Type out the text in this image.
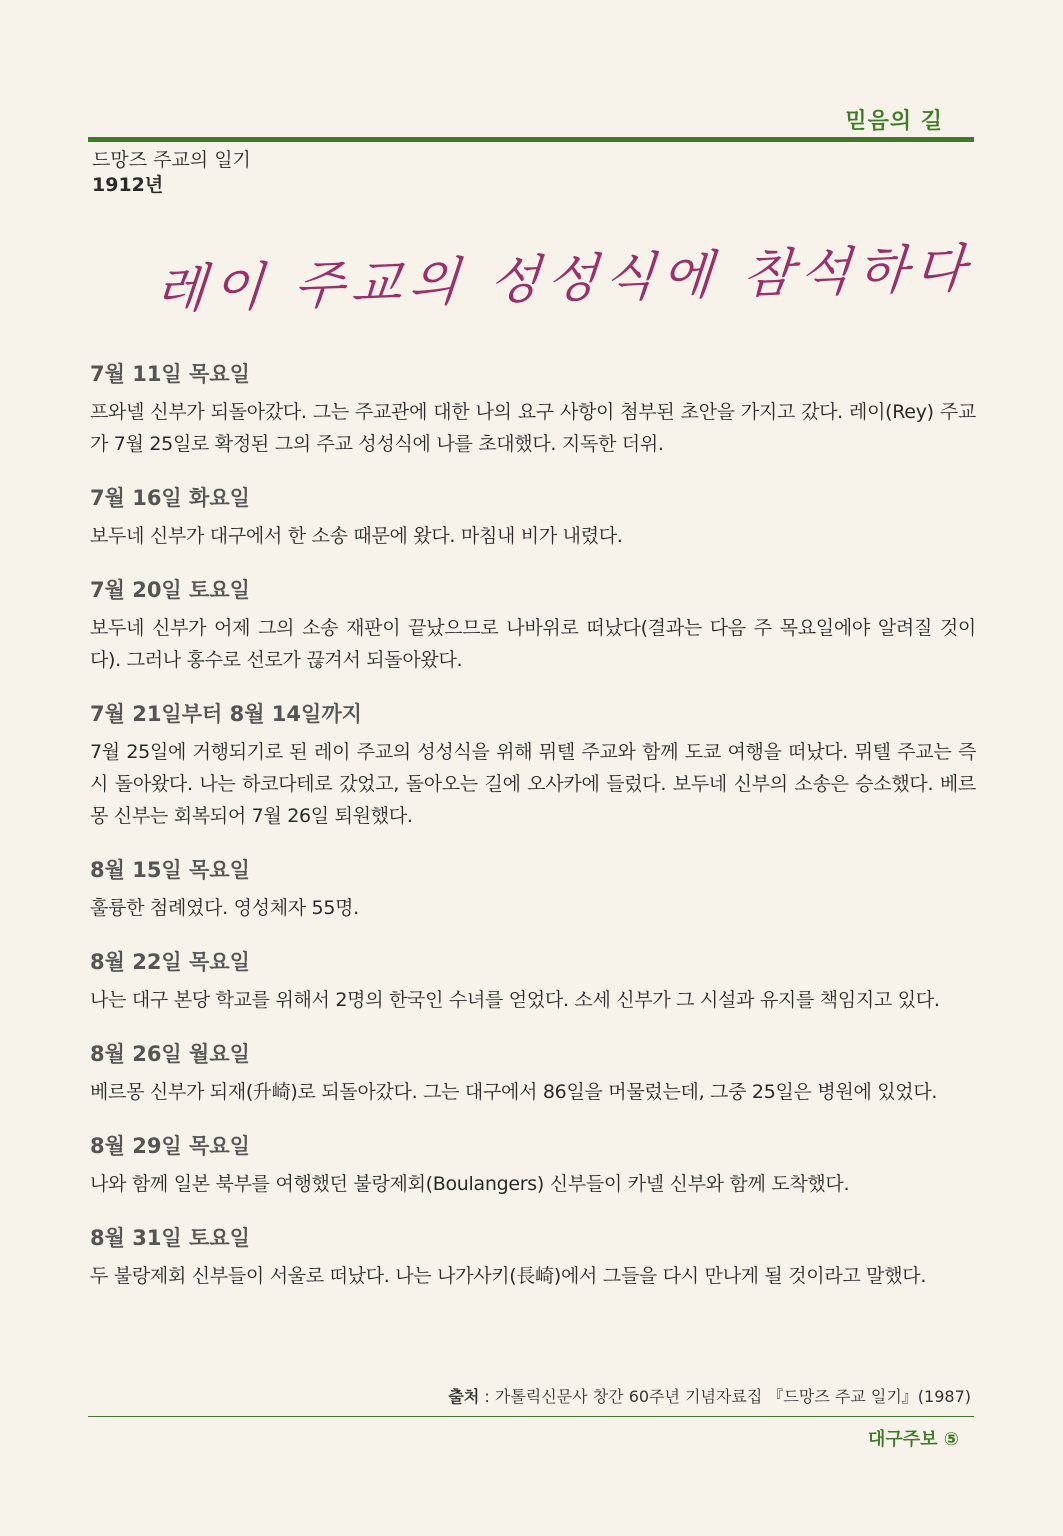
믿음의 길
드망즈 주교의 일기
1912년
레이 주교의 성성식에 참석하다

7월 11일 목요일

프와넬 신부가 되돌아갔다. 그는 주교관에 대한 나의 요구 사항이 첨부된 초안을 가지고 갔다. 레이(Rey) 주교가 7월 25일로 확정된 그의 주교 성성식에 나를 초대했다. 지독한 더위.

7월 16일 화요일

보두네 신부가 대구에서 한 소송 때문에 왔다. 마침내 비가 내렸다.

7월 20일 토요일

보두네 신부가 어제 그의 소송 재판이 끝났으므로 나바위로 떠났다(결과는 다음 주 목요일에야 알려질 것이다). 그러나 홍수로 선로가 끊겨서 되돌아왔다.

7월 21일부터 8월 14일까지

7월 25일에 거행되기로 된 레이 주교의 성성식을 위해 뮈텔 주교와 함께 도쿄 여행을 떠났다. 뮈텔 주교는 즉시 돌아왔다. 나는 하코다테로 갔었고, 돌아오는 길에 오사카에 들렀다. 보두네 신부의 소송은 승소했다. 베르몽 신부는 회복되어 7월 26일 퇴원했다.

8월 15일 목요일

훌륭한 첨례였다. 영성체자 55명.

8월 22일 목요일

나는 대구 본당 학교를 위해서 2명의 한국인 수녀를 얻었다. 소세 신부가 그 시설과 유지를 책임지고 있다.

8월 26일 월요일

베르몽 신부가 되재(升崎)로 되돌아갔다. 그는 대구에서 86일을 머물렀는데, 그중 25일은 병원에 있었다.

8월 29일 목요일

나와 함께 일본 북부를 여행했던 불랑제회(Boulangers) 신부들이 카넬 신부와 함께 도착했다.

8월 31일 토요일

두 불랑제회 신부들이 서울로 떠났다. 나는 나가사키(長崎)에서 그들을 다시 만나게 될 것이라고 말했다.

출처 : 가톨릭신문사 창간 60주년 기념자료집 『드망즈 주교 일기』(1987)
대구주보 ⑤
